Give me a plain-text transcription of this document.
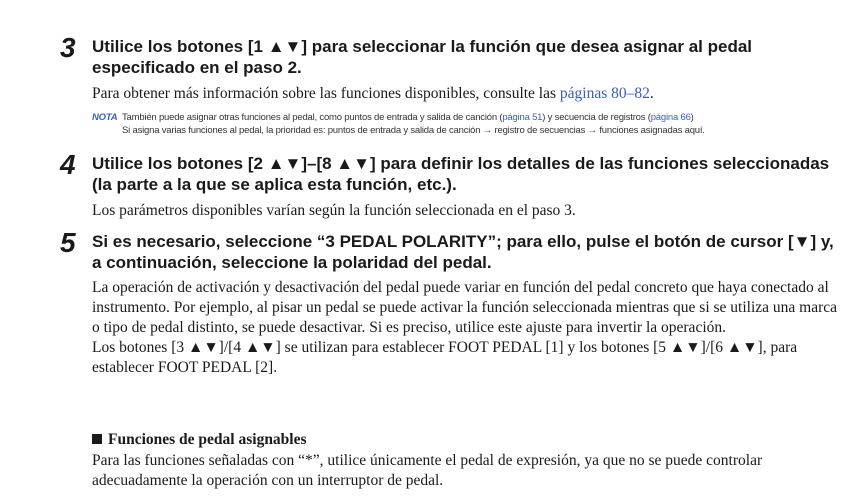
3 Utilice los botones [1 ▲▼] para seleccionar la función que desea asignar al pedal especificado en el paso 2.
Para obtener más información sobre las funciones disponibles, consulte las páginas 80–82.
NOTA También puede asignar otras funciones al pedal, como puntos de entrada y salida de canción (página 51) y secuencia de registros (página 66)
Si asigna varias funciones al pedal, la prioridad es: puntos de entrada y salida de canción → registro de secuencias → funciones asignadas aquí.
4 Utilice los botones [2 ▲▼]–[8 ▲▼] para definir los detalles de las funciones seleccionadas (la parte a la que se aplica esta función, etc.).
Los parámetros disponibles varían según la función seleccionada en el paso 3.
5 Si es necesario, seleccione “3 PEDAL POLARITY”; para ello, pulse el botón de cursor [▼] y, a continuación, seleccione la polaridad del pedal.
La operación de activación y desactivación del pedal puede variar en función del pedal concreto que haya conectado al instrumento. Por ejemplo, al pisar un pedal se puede activar la función seleccionada mientras que si se utiliza una marca o tipo de pedal distinto, se puede desactivar. Si es preciso, utilice este ajuste para invertir la operación.
Los botones [3 ▲▼]/[4 ▲▼] se utilizan para establecer FOOT PEDAL [1] y los botones [5 ▲▼]/[6 ▲▼], para establecer FOOT PEDAL [2].
Funciones de pedal asignables
Para las funciones señaladas con “*”, utilice únicamente el pedal de expresión, ya que no se puede controlar adecuadamente la operación con un interruptor de pedal.
